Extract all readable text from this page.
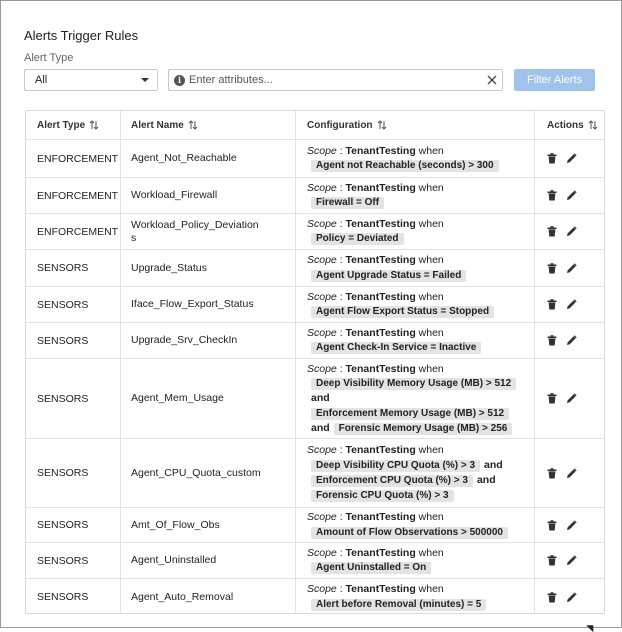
Alerts Trigger Rules
Alert Type
All	i
Enter attributes...	Filter Alerts
Alert Type	Alert Name	Configuration	Actions
ENFORCEMENT Agent_Not_Reachable
Scope : TenantTesting when
Agent not Reachable (seconds) > 300
ENFORCEMENT Workload_Firewall
Scope : TenantTesting when
Firewall = Off
ENFORCEMENT
Workload_Policy_Deviations
Scope : TenantTesting when
Policy = Deviated
SENSORS	Upgrade_Status
Scope : TenantTesting when
Agent Upgrade Status = Failed
SENSORS	Iface_Flow_Export_Status
Scope : TenantTesting when
Agent Flow Export Status = Stopped
SENSORS	Upgrade_Srv_CheckIn
Scope : TenantTesting when
Agent Check-In Service = Inactive
SENSORS	Agent_Mem_Usage
Scope : TenantTesting when
Deep Visibility Memory Usage (MB) > 512
and
Enforcement Memory Usage (MB) > 512
and Forensic Memory Usage (MB) > 256
SENSORS	Agent_CPU_Quota_custom
Scope : TenantTesting when
Deep Visibility CPU Quota (%) > 3 and
Enforcement CPU Quota (%) > 3 and
Forensic CPU Quota (%) > 3
SENSORS	Amt_Of_Flow_Obs
Scope : TenantTesting when
Amount of Flow Observations > 500000
SENSORS	Agent_Uninstalled
Scope : TenantTesting when
Agent Uninstalled = On
SENSORS	Agent_Auto_Removal
Scope : TenantTesting when
Alert before Removal (minutes) = 5
